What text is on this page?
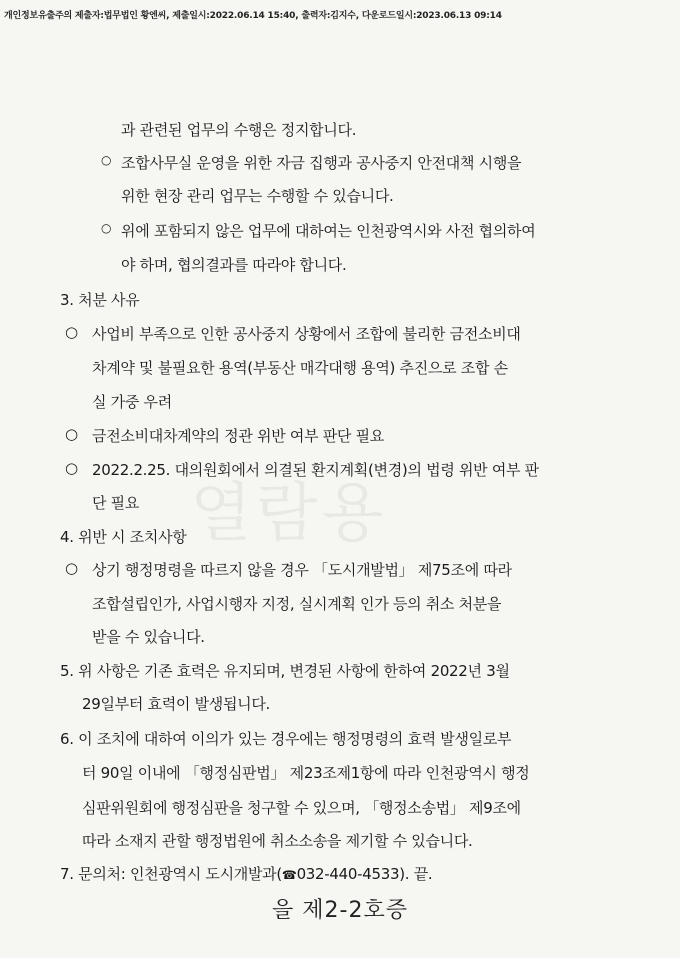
개인정보유출주의 제출자:법무법인 황엔씨, 제출일시:2022.06.14 15:40, 출력자:김지수, 다운로드일시:2023.06.13 09:14
열람용
과 관련된 업무의 수행은 정지합니다.
○ 조합사무실 운영을 위한 자금 집행과 공사중지 안전대책 시행을
위한 현장 관리 업무는 수행할 수 있습니다.
○ 위에 포함되지 않은 업무에 대하여는 인천광역시와 사전 협의하여
야 하며, 협의결과를 따라야 합니다.
3. 처분 사유
○ 사업비 부족으로 인한 공사중지 상황에서 조합에 불리한 금전소비대
차계약 및 불필요한 용역(부동산 매각대행 용역) 추진으로 조합 손
실 가중 우려
○ 금전소비대차계약의 정관 위반 여부 판단 필요
○ 2022.2.25. 대의원회에서 의결된 환지계획(변경)의 법령 위반 여부 판
단 필요
4. 위반 시 조치사항
○ 상기 행정명령을 따르지 않을 경우 「도시개발법」 제75조에 따라
조합설립인가, 사업시행자 지정, 실시계획 인가 등의 취소 처분을
받을 수 있습니다.
5. 위 사항은 기존 효력은 유지되며, 변경된 사항에 한하여 2022년 3월
29일부터 효력이 발생됩니다.
6. 이 조치에 대하여 이의가 있는 경우에는 행정명령의 효력 발생일로부
터 90일 이내에 「행정심판법」 제23조제1항에 따라 인천광역시 행정
심판위원회에 행정심판을 청구할 수 있으며, 「행정소송법」 제9조에
따라 소재지 관할 행정법원에 취소소송을 제기할 수 있습니다.
7. 문의처: 인천광역시 도시개발과(☎032-440-4533). 끝.
을 제2-2호증
